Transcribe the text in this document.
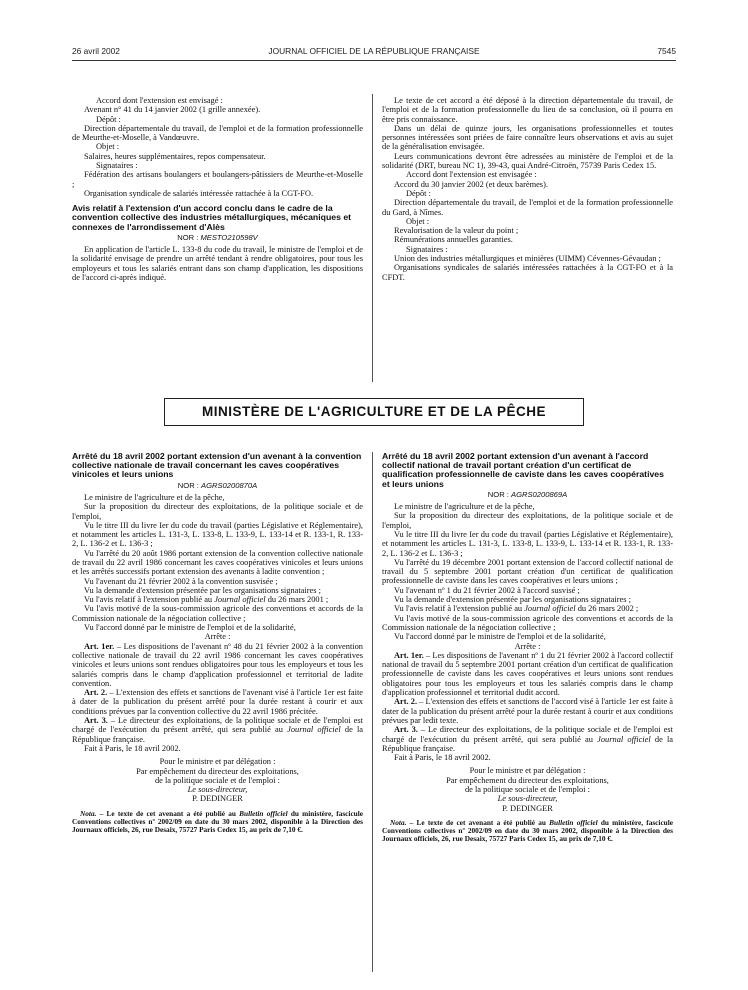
26 avril 2002	JOURNAL OFFICIEL DE LA RÉPUBLIQUE FRANÇAISE	7545

Accord dont l'extension est envisagé :

Avenant n° 41 du 14 janvier 2002 (1 grille annexée).

Dépôt :

Direction départementale du travail, de l'emploi et de la formation professionnelle de Meurthe-et-Moselle, à Vandœuvre.

Objet :

Salaires, heures supplémentaires, repos compensateur.

Signataires :

Fédération des artisans boulangers et boulangers-pâtissiers de Meurthe-et-Moselle ;

Organisation syndicale de salariés intéressée rattachée à la CGT-FO.

Avis relatif à l'extension d'un accord conclu dans le cadre de la convention collective des industries métallurgiques, mécaniques et connexes de l'arrondissement d'Alès
NOR : MESTO210598V

En application de l'article L. 133-8 du code du travail, le ministre de l'emploi et de la solidarité envisage de prendre un arrêté tendant à rendre obligatoires, pour tous les employeurs et tous les salariés entrant dans son champ d'application, les dispositions de l'accord ci-après indiqué.

Le texte de cet accord a été déposé à la direction départementale du travail, de l'emploi et de la formation professionnelle du lieu de sa conclusion, où il pourra en être pris connaissance.

Dans un délai de quinze jours, les organisations professionnelles et toutes personnes intéressées sont priées de faire connaître leurs observations et avis au sujet de la généralisation envisagée.

Leurs communications devront être adressées au ministère de l'emploi et de la solidarité (DRT, bureau NC 1), 39-43, quai André-Citroën, 75739 Paris Cedex 15.

Accord dont l'extension est envisagée :

Accord du 30 janvier 2002 (et deux barèmes).

Dépôt :

Direction départementale du travail, de l'emploi et de la formation professionnelle du Gard, à Nîmes.

Objet :

Revalorisation de la valeur du point ;

Rémunérations annuelles garanties.

Signataires :

Union des industries métallurgiques et minières (UIMM) Cévennes-Gévaudan ;

Organisations syndicales de salariés intéressées rattachées à la CGT-FO et à la CFDT.

MINISTÈRE DE L'AGRICULTURE ET DE LA PÊCHE
Arrêté du 18 avril 2002 portant extension d'un avenant à la convention collective nationale de travail concernant les caves coopératives vinicoles et leurs unions
NOR : AGRS0200870A

Le ministre de l'agriculture et de la pêche,

Sur la proposition du directeur des exploitations, de la politique sociale et de l'emploi,

Vu le titre III du livre Ier du code du travail (parties Législative et Réglementaire), et notamment les articles L. 131-3, L. 133-8, L. 133-9, L. 133-14 et R. 133-1, R. 133-2, L. 136-2 et L. 136-3 ;

Vu l'arrêté du 20 août 1986 portant extension de la convention collective nationale de travail du 22 avril 1986 concernant les caves coopératives vinicoles et leurs unions et les arrêtés successifs portant extension des avenants à ladite convention ;

Vu l'avenant du 21 février 2002 à la convention susvisée ;

Vu la demande d'extension présentée par les organisations signataires ;

Vu l'avis relatif à l'extension publié au Journal officiel du 26 mars 2001 ;

Vu l'avis motivé de la sous-commission agricole des conventions et accords de la Commission nationale de la négociation collective ;

Vu l'accord donné par le ministre de l'emploi et de la solidarité,

Arrête :

Art. 1er. – Les dispositions de l'avenant nº 48 du 21 février 2002 à la convention collective nationale de travail du 22 avril 1986 concernant les caves coopératives vinicoles et leurs unions sont rendues obligatoires pour tous les employeurs et tous les salariés compris dans le champ d'application professionnel et territorial de ladite convention.

Art. 2. – L'extension des effets et sanctions de l'avenant visé à l'article 1er est faite à dater de la publication du présent arrêté pour la durée restant à courir et aux conditions prévues par la convention collective du 22 avril 1986 précitée.

Art. 3. – Le directeur des exploitations, de la politique sociale et de l'emploi est chargé de l'exécution du présent arrêté, qui sera publié au Journal officiel de la République française.

Fait à Paris, le 18 avril 2002.

Pour le ministre et par délégation :

Par empêchement du directeur des exploitations,

de la politique sociale et de l'emploi :

Le sous-directeur,

P. DEDINGER

Nota. – Le texte de cet avenant a été publié au Bulletin officiel du ministère, fascicule Conventions collectives nº 2002/09 en date du 30 mars 2002, disponible à la Direction des Journaux officiels, 26, rue Desaix, 75727 Paris Cedex 15, au prix de 7,10 €.

Arrêté du 18 avril 2002 portant extension d'un avenant à l'accord collectif national de travail portant création d'un certificat de qualification professionnelle de caviste dans les caves coopératives et leurs unions
NOR : AGRS0200869A

Le ministre de l'agriculture et de la pêche,

Sur la proposition du directeur des exploitations, de la politique sociale et de l'emploi,

Vu le titre III du livre Ier du code du travail (parties Législative et Réglementaire), et notamment les articles L. 131-3, L. 133-8, L. 133-9, L. 133-14 et R. 133-1, R. 133-2, L. 136-2 et L. 136-3 ;

Vu l'arrêté du 19 décembre 2001 portant extension de l'accord collectif national de travail du 5 septembre 2001 portant création d'un certificat de qualification professionnelle de caviste dans les caves coopératives et leurs unions ;

Vu l'avenant nº 1 du 21 février 2002 à l'accord susvisé ;

Vu la demande d'extension présentée par les organisations signataires ;

Vu l'avis relatif à l'extension publié au Journal officiel du 26 mars 2002 ;

Vu l'avis motivé de la sous-commission agricole des conventions et accords de la Commission nationale de la négociation collective ;

Vu l'accord donné par le ministre de l'emploi et de la solidarité,

Arrête :

Art. 1er. – Les dispositions de l'avenant nº 1 du 21 février 2002 à l'accord collectif national de travail du 5 septembre 2001 portant création d'un certificat de qualification professionnelle de caviste dans les caves coopératives et leurs unions sont rendues obligatoires pour tous les employeurs et tous les salariés compris dans le champ d'application professionnel et territorial dudit accord.

Art. 2. – L'extension des effets et sanctions de l'accord visé à l'article 1er est faite à dater de la publication du présent arrêté pour la durée restant à courir et aux conditions prévues par ledit texte.

Art. 3. – Le directeur des exploitations, de la politique sociale et de l'emploi est chargé de l'exécution du présent arrêté, qui sera publié au Journal officiel de la République française.

Fait à Paris, le 18 avril 2002.

Pour le ministre et par délégation :

Par empêchement du directeur des exploitations,

de la politique sociale et de l'emploi :

Le sous-directeur,

P. DEDINGER

Nota. – Le texte de cet avenant a été publié au Bulletin officiel du ministère, fascicule Conventions collectives nº 2002/09 en date du 30 mars 2002, disponible à la Direction des Journaux officiels, 26, rue Desaix, 75727 Paris Cedex 15, au prix de 7,10 €.
